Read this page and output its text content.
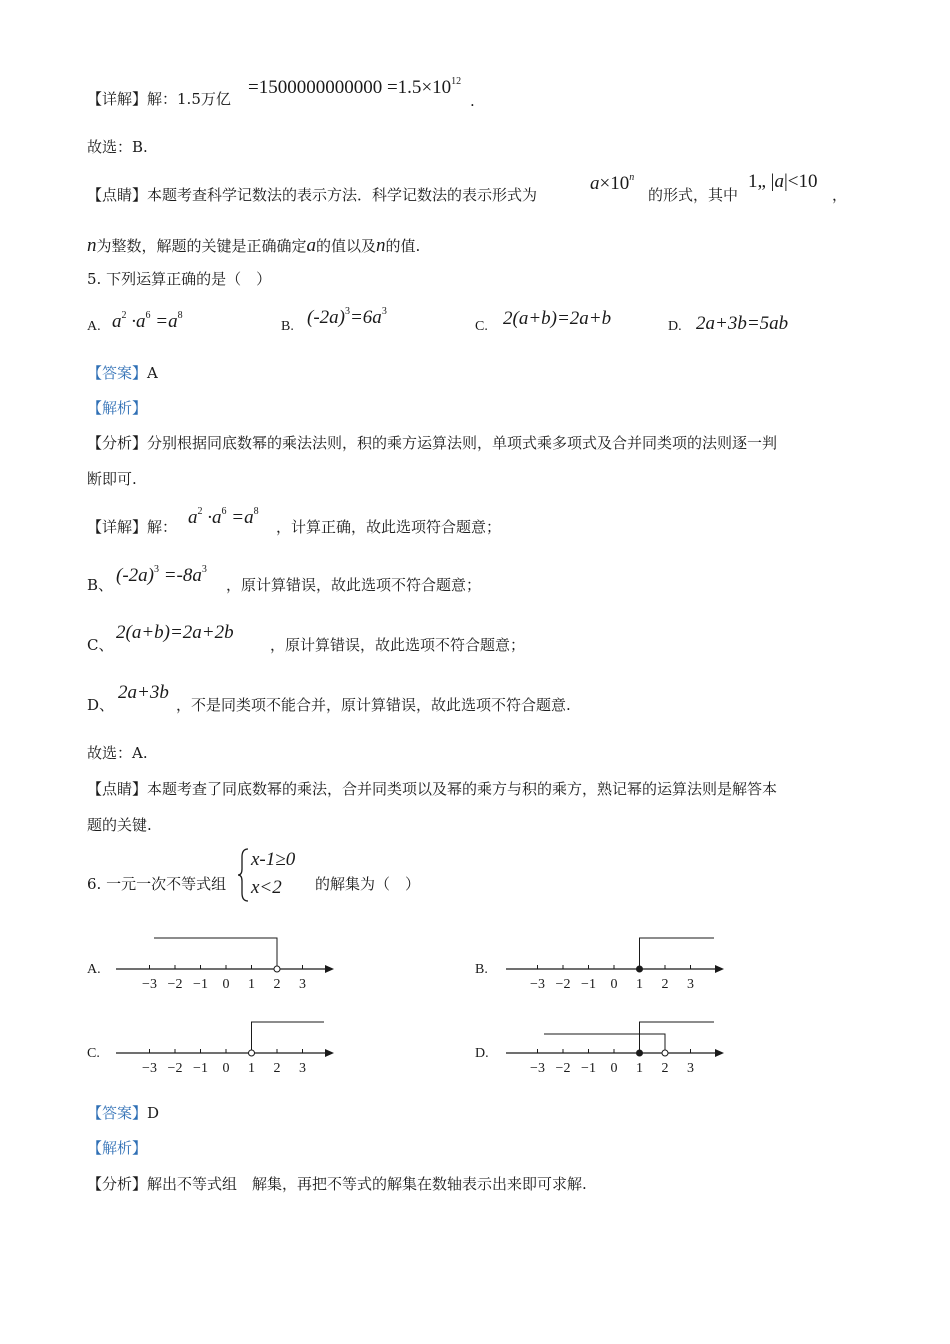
【详解】解：1.5万亿
$=1500000000000 =1.5\times 10^{12}$
.
故选：B.
【点睛】本题考查科学记数法的表示方法．科学记数法的表示形式为
$a\times 10^n$
的形式，其中
1„ |a|<10
，
n为整数，解题的关键是正确确定a的值以及n的值.
5. 下列运算正确的是（　）
A. $a^2 \cdot a^6 =a^8$
B. $(-2a)^3=6a^3$
C. 2(a+b)=2a+b	D. 2a+3b=5ab
【答案】A
【解析】
【分析】分别根据同底数幂的乘法法则，积的乘方运算法则，单项式乘多项式及合并同类项的法则逐一判
断即可.
【详解】解： $a^2 \cdot a^6 =a^8$
，计算正确，故此选项符合题意；
B、 $(-2a)^3 =-8a^3$
，原计算错误，故此选项不符合题意；
C、
2(a+b)=2a+2b
，原计算错误，故此选项不符合题意；
D、
2a+3b
，不是同类项不能合并，原计算错误，故此选项不符合题意.
故选：A.
【点睛】本题考查了同底数幂的乘法，合并同类项以及幂的乘方与积的乘方，熟记幂的运算法则是解答本
题的关键.
6. 一元一次不等式组
x-1≥0
x<2 的解集为（　）
A.	B.
C.	D.
−3 −2 −1 0 1 2 3	−3 −2 −1 0 1 2 3
−3 −2 −1 0 1 2 3	−3 −2 −1 0 1 2 3
【答案】D
【解析】
【分析】解出不等式组　解集，再把不等式的解集在数轴表示出来即可求解.
